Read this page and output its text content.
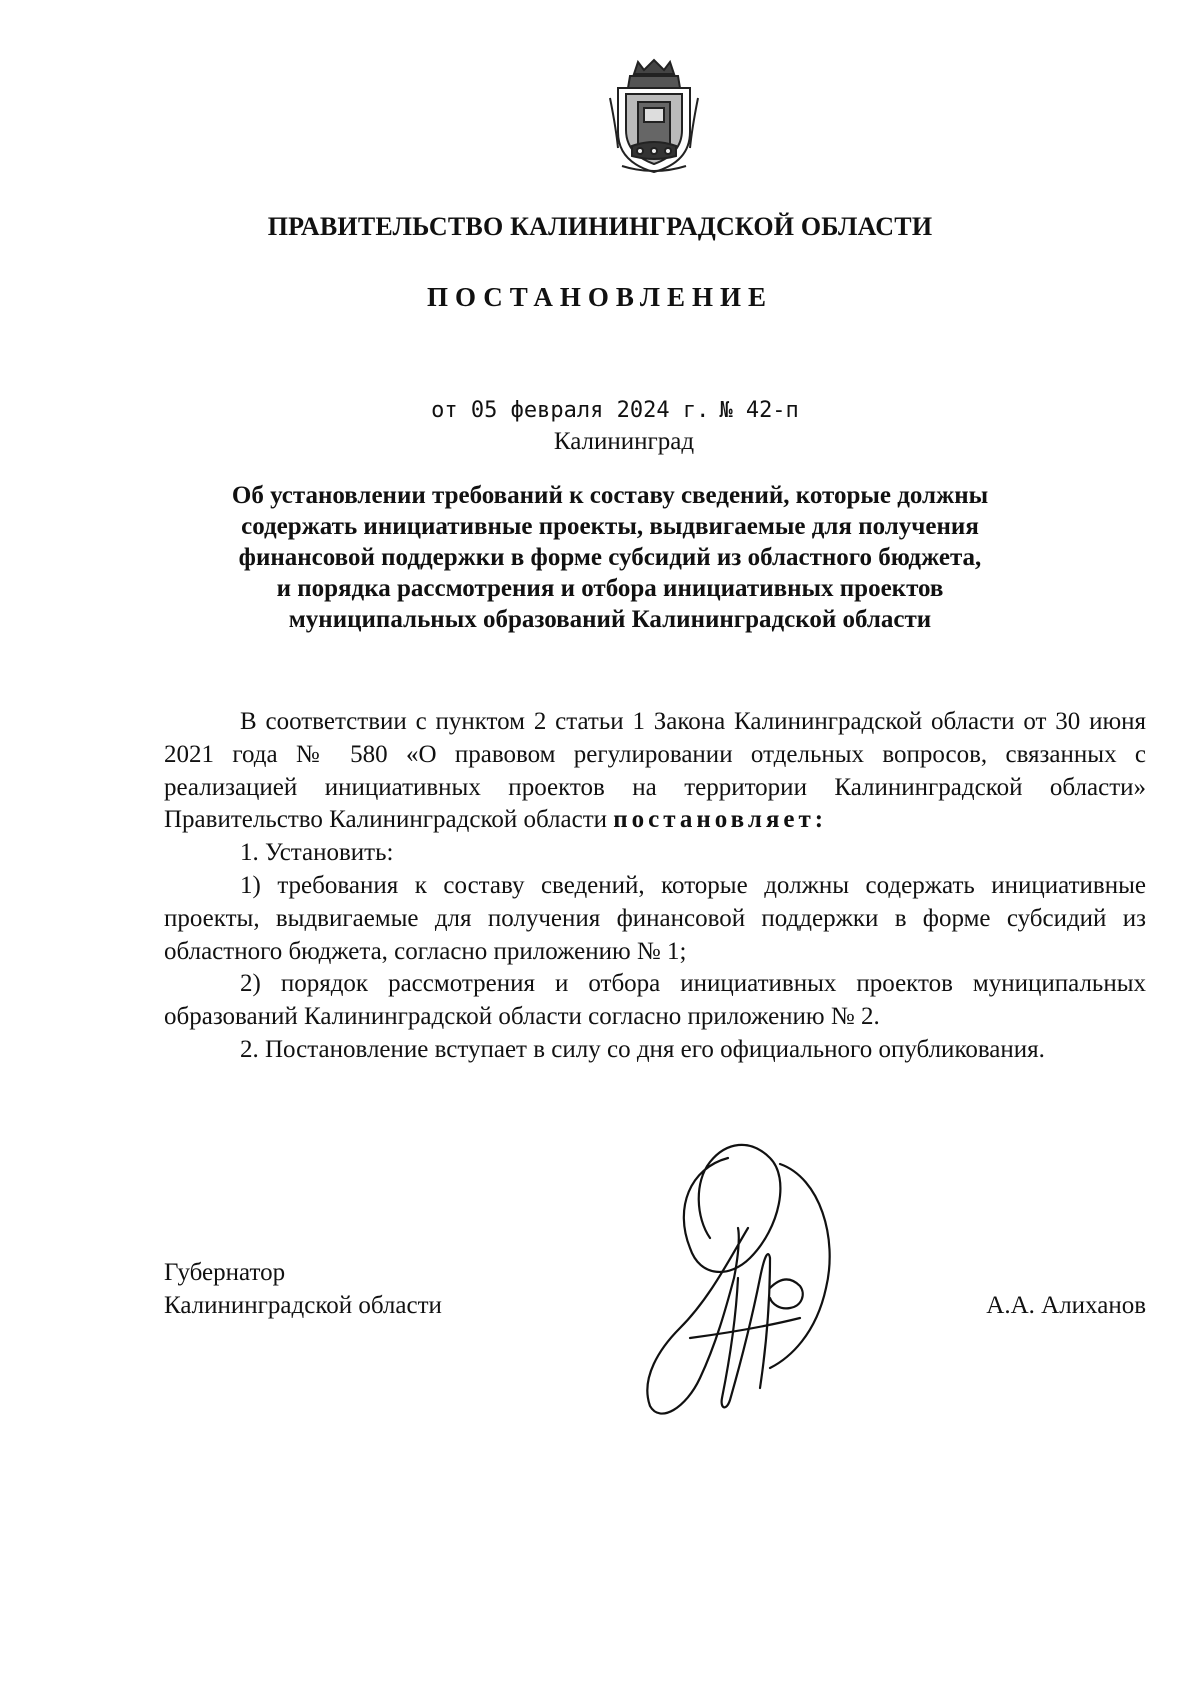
ПРАВИТЕЛЬСТВО КАЛИНИНГРАДСКОЙ ОБЛАСТИ
ПОСТАНОВЛЕНИЕ
от 05 февраля 2024 г. № 42-п
Калининград
Об установлении требований к составу сведений, которые должны
содержать инициативные проекты, выдвигаемые для получения
финансовой поддержки в форме субсидий из областного бюджета,
и порядка рассмотрения и отбора инициативных проектов
муниципальных образований Калининградской области

В соответствии с пунктом 2 статьи 1 Закона Калининградской области от 30 июня 2021 года № 580 «О правовом регулировании отдельных вопросов, связанных с реализацией инициативных проектов на территории Калининградской области» Правительство Калининградской области постановляет:

1. Установить:

1) требования к составу сведений, которые должны содержать инициативные проекты, выдвигаемые для получения финансовой поддержки в форме субсидий из областного бюджета, согласно приложению № 1;

2) порядок рассмотрения и отбора инициативных проектов муниципальных образований Калининградской области согласно приложению № 2.

2. Постановление вступает в силу со дня его официального опубликования.

Губернатор
Калининградской области	А.А. Алиханов
